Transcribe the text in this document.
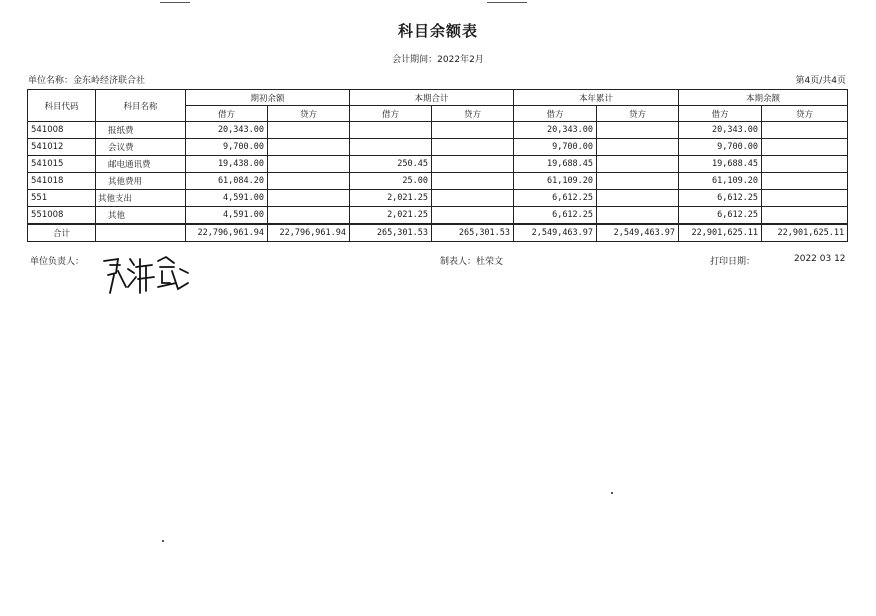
科目余额表
会计期间：2022年2月
单位名称：金东岭经济联合社	第4页/共4页
科目代码	科目名称	期初余额		本期合计		本年累计		本期余额	
		借方	贷方	借方	贷方	借方	贷方	借方	贷方
541008	报纸费	20,343.00				20,343.00		20,343.00	
541012	会议费	9,700.00				9,700.00		9,700.00	
541015	邮电通讯费	19,438.00		250.45		19,688.45		19,688.45	
541018	其他费用	61,084.20		25.00		61,109.20		61,109.20	
551	其他支出	4,591.00		2,021.25		6,612.25		6,612.25	
551008	其他	4,591.00		2,021.25		6,612.25		6,612.25	
合计		22,796,961.94	22,796,961.94	265,301.53	265,301.53	2,549,463.97	2,549,463.97	22,901,625.11	22,901,625.11
单位负责人：	制表人：杜荣文	打印日期：	2022 03 12
